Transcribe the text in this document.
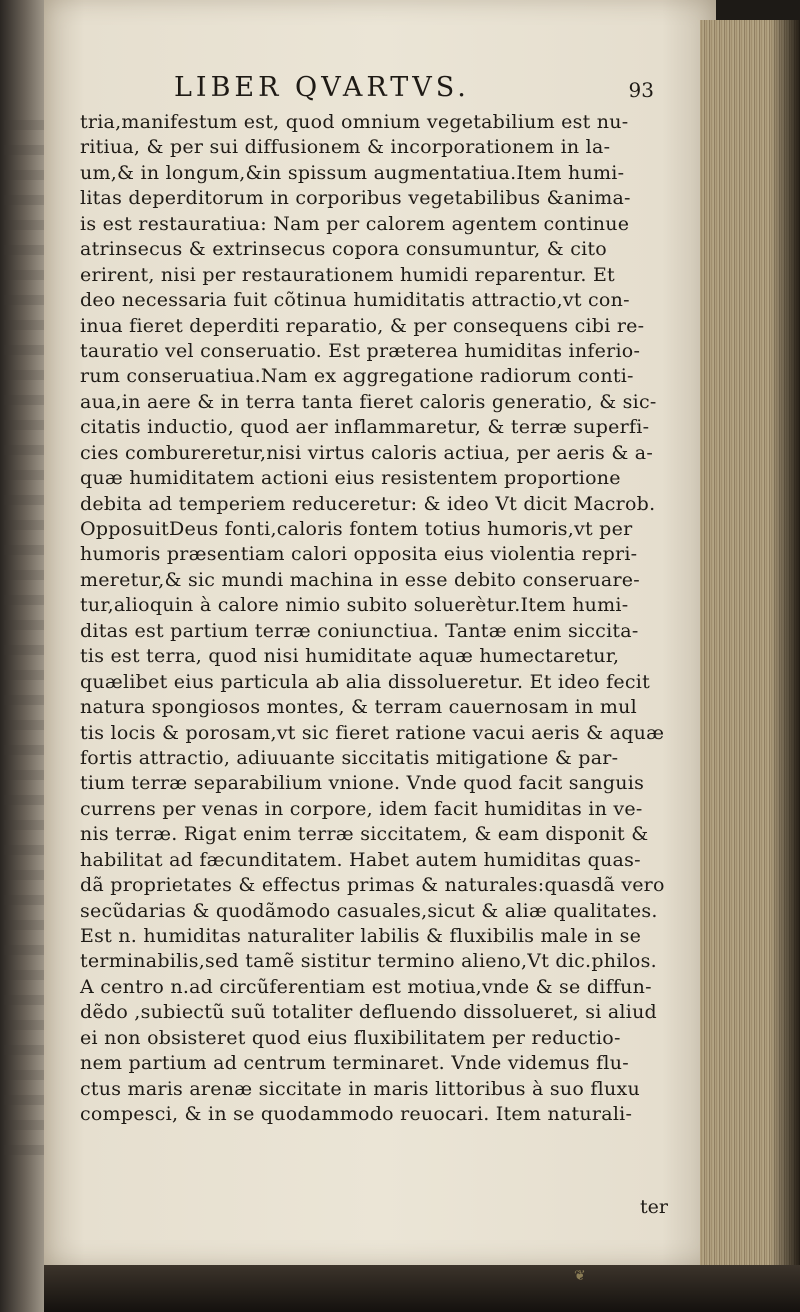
LIBER QVARTVS.	93
tria,manifestum est, quod omnium vegetabilium est nu-
ritiua, & per sui diffusionem & incorporationem in la-
um,& in longum,&in spissum augmentatiua.Item humi-
litas deperditorum in corporibus vegetabilibus &anima-
is est restauratiua: Nam per calorem agentem continue
atrinsecus & extrinsecus copora consumuntur, & cito
erirent, nisi per restaurationem humidi reparentur. Et
deo necessaria fuit cõtinua humiditatis attractio,vt con-
inua fieret deperditi reparatio, & per consequens cibi re-
tauratio vel conseruatio. Est præterea humiditas inferio-
rum conseruatiua.Nam ex aggregatione radiorum conti-
aua,in aere & in terra tanta fieret caloris generatio, & sic-
citatis inductio, quod aer inflammaretur, & terræ superfi-
cies combureretur,nisi virtus caloris actiua, per aeris & a-
quæ humiditatem actioni eius resistentem proportione
debita ad temperiem reduceretur: & ideo Vt dicit Macrob.
OpposuitDeus fonti,caloris fontem totius humoris,vt per
humoris præsentiam calori opposita eius violentia repri-
meretur,& sic mundi machina in esse debito conseruare-
tur,alioquin à calore nimio subito soluerètur.Item humi-
ditas est partium terræ coniunctiua. Tantæ enim siccita-
tis est terra, quod nisi humiditate aquæ humectaretur,
quælibet eius particula ab alia dissolueretur. Et ideo fecit
natura spongiosos montes, & terram cauernosam in mul
tis locis & porosam,vt sic fieret ratione vacui aeris & aquæ
fortis attractio, adiuuante siccitatis mitigatione & par-
tium terræ separabilium vnione. Vnde quod facit sanguis
currens per venas in corpore, idem facit humiditas in ve-
nis terræ. Rigat enim terræ siccitatem, & eam disponit &
habilitat ad fæcunditatem. Habet autem humiditas quas-
dã proprietates & effectus primas & naturales:quasdã vero
secũdarias & quodãmodo casuales,sicut & aliæ qualitates.
Est n. humiditas naturaliter labilis & fluxibilis male in se
terminabilis,sed tamẽ sistitur termino alieno,Vt dic.philos.
A centro n.ad circũferentiam est motiua,vnde & se diffun-
dẽdo ,subiectũ suũ totaliter defluendo dissolueret, si aliud
ei non obsisteret quod eius fluxibilitatem per reductio-
nem partium ad centrum terminaret. Vnde videmus flu-
ctus maris arenæ siccitate in maris littoribus à suo fluxu
compesci, & in se quodammodo reuocari. Item naturali-
ter
❦
